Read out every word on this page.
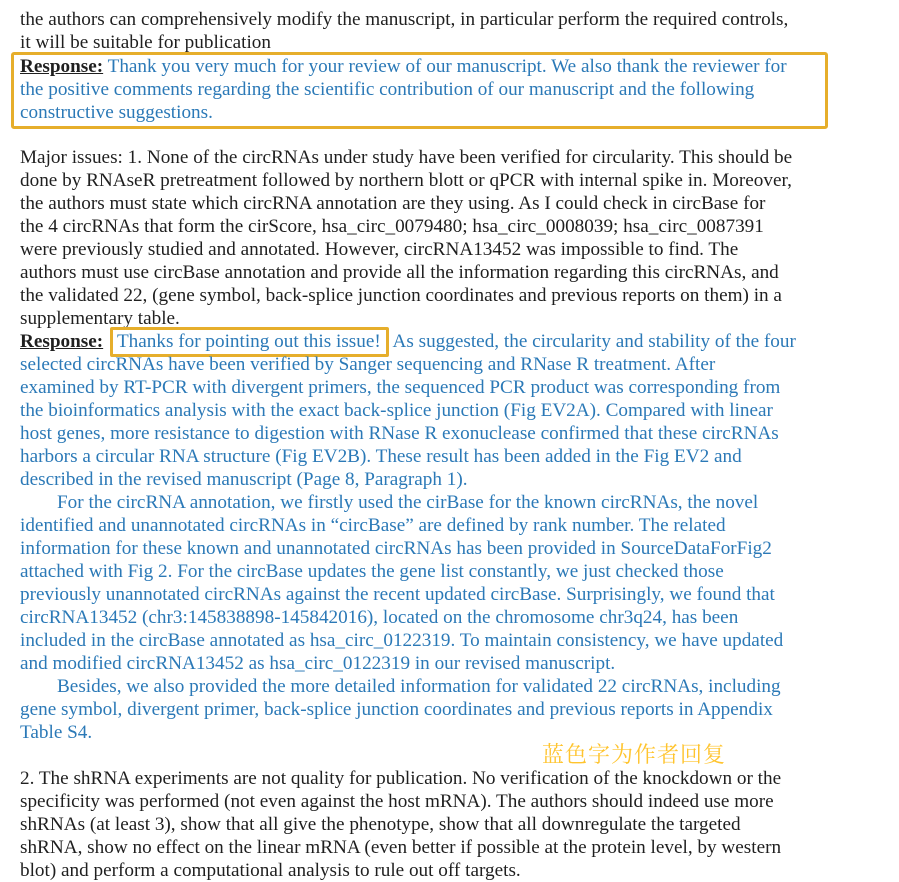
the authors can comprehensively modify the manuscript, in particular perform the required controls,
it will be suitable for publication
Response: Thank you very much for your review of our manuscript. We also thank the reviewer for
the positive comments regarding the scientific contribution of our manuscript and the following
constructive suggestions.
Major issues: 1. None of the circRNAs under study have been verified for circularity. This should be
done by RNAseR pretreatment followed by northern blott or qPCR with internal spike in. Moreover,
the authors must state which circRNA annotation are they using. As I could check in circBase for
the 4 circRNAs that form the cirScore, hsa_circ_0079480; hsa_circ_0008039; hsa_circ_0087391
were previously studied and annotated. However, circRNA13452 was impossible to find. The
authors must use circBase annotation and provide all the information regarding this circRNAs, and
the validated 22, (gene symbol, back-splice junction coordinates and previous reports on them) in a
supplementary table.
Response: Thanks for pointing out this issue! As suggested, the circularity and stability of the four
selected circRNAs have been verified by Sanger sequencing and RNase R treatment. After
examined by RT-PCR with divergent primers, the sequenced PCR product was corresponding from
the bioinformatics analysis with the exact back-splice junction (Fig EV2A). Compared with linear
host genes, more resistance to digestion with RNase R exonuclease confirmed that these circRNAs
harbors a circular RNA structure (Fig EV2B). These result has been added in the Fig EV2 and
described in the revised manuscript (Page 8, Paragraph 1).
For the circRNA annotation, we firstly used the cirBase for the known circRNAs, the novel
identified and unannotated circRNAs in “circBase” are defined by rank number. The related
information for these known and unannotated circRNAs has been provided in SourceDataForFig2
attached with Fig 2. For the circBase updates the gene list constantly, we just checked those
previously unannotated circRNAs against the recent updated circBase. Surprisingly, we found that
circRNA13452 (chr3:145838898-145842016), located on the chromosome chr3q24, has been
included in the circBase annotated as hsa_circ_0122319. To maintain consistency, we have updated
and modified circRNA13452 as hsa_circ_0122319 in our revised manuscript.
Besides, we also provided the more detailed information for validated 22 circRNAs, including
gene symbol, divergent primer, back-splice junction coordinates and previous reports in Appendix
Table S4.
蓝色字为作者回复
2. The shRNA experiments are not quality for publication. No verification of the knockdown or the
specificity was performed (not even against the host mRNA). The authors should indeed use more
shRNAs (at least 3), show that all give the phenotype, show that all downregulate the targeted
shRNA, show no effect on the linear mRNA (even better if possible at the protein level, by western
blot) and perform a computational analysis to rule out off targets.
